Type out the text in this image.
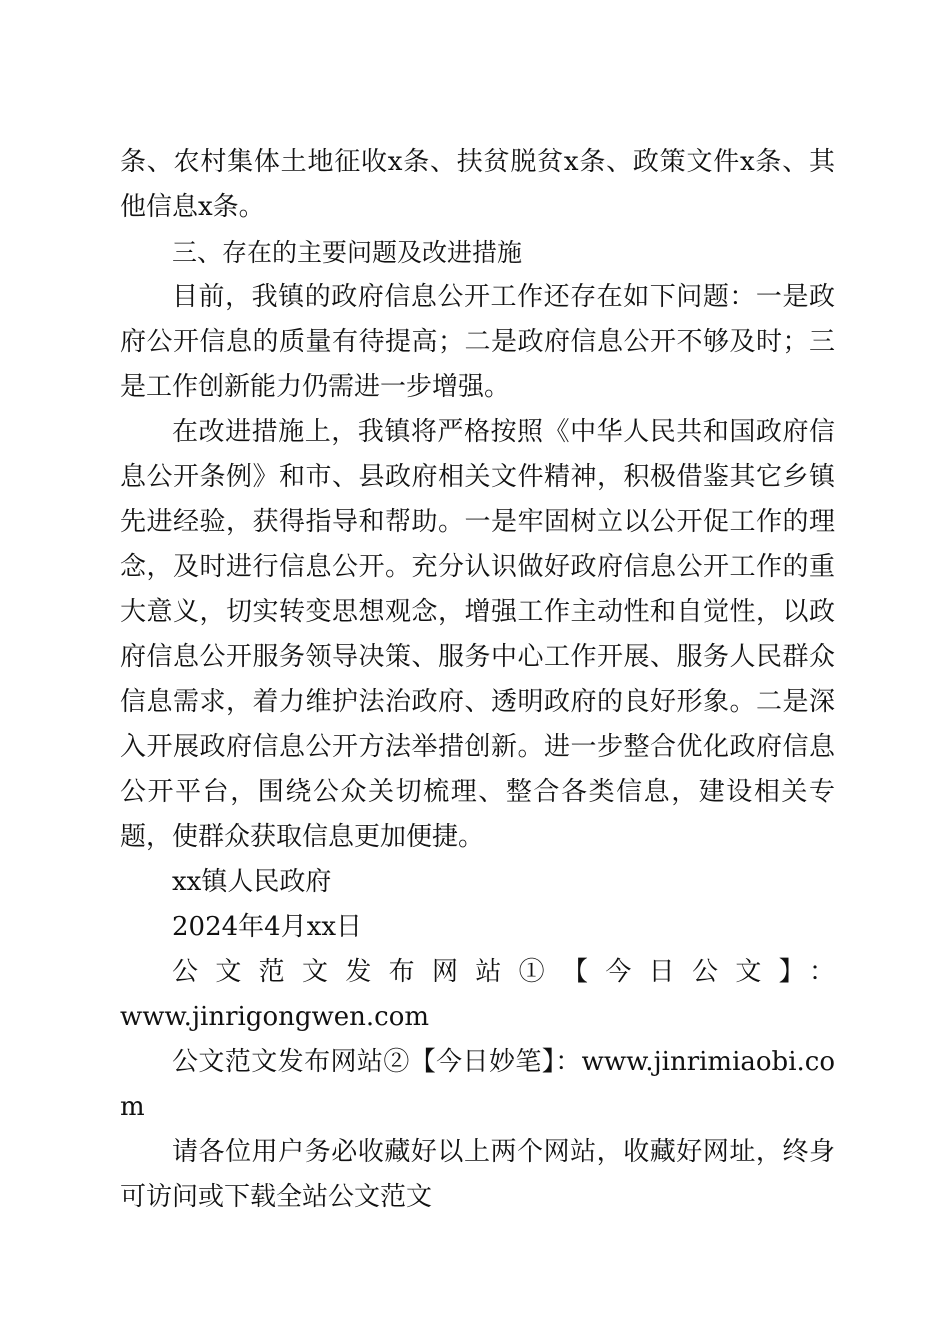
条、农村集体土地征收x条、扶贫脱贫x条、政策文件x条、其他信息x条。

三、存在的主要问题及改进措施

目前，我镇的政府信息公开工作还存在如下问题：一是政府公开信息的质量有待提高；二是政府信息公开不够及时；三是工作创新能力仍需进一步增强。

在改进措施上，我镇将严格按照《中华人民共和国政府信息公开条例》和市、县政府相关文件精神，积极借鉴其它乡镇先进经验，获得指导和帮助。一是牢固树立以公开促工作的理念，及时进行信息公开。充分认识做好政府信息公开工作的重大意义，切实转变思想观念，增强工作主动性和自觉性，以政府信息公开服务领导决策、服务中心工作开展、服务人民群众信息需求，着力维护法治政府、透明政府的良好形象。二是深入开展政府信息公开方法举措创新。进一步整合优化政府信息公开平台，围绕公众关切梳理、整合各类信息，建设相关专题，使群众获取信息更加便捷。

xx镇人民政府

2024年4月xx日

公文范文发布网站①【今日公文】：

www.jinrigongwen.com

公文范文发布网站②【今日妙笔】：www.jinrimiaobi.com

请各位用户务必收藏好以上两个网站，收藏好网址，终身可访问或下载全站公文范文
